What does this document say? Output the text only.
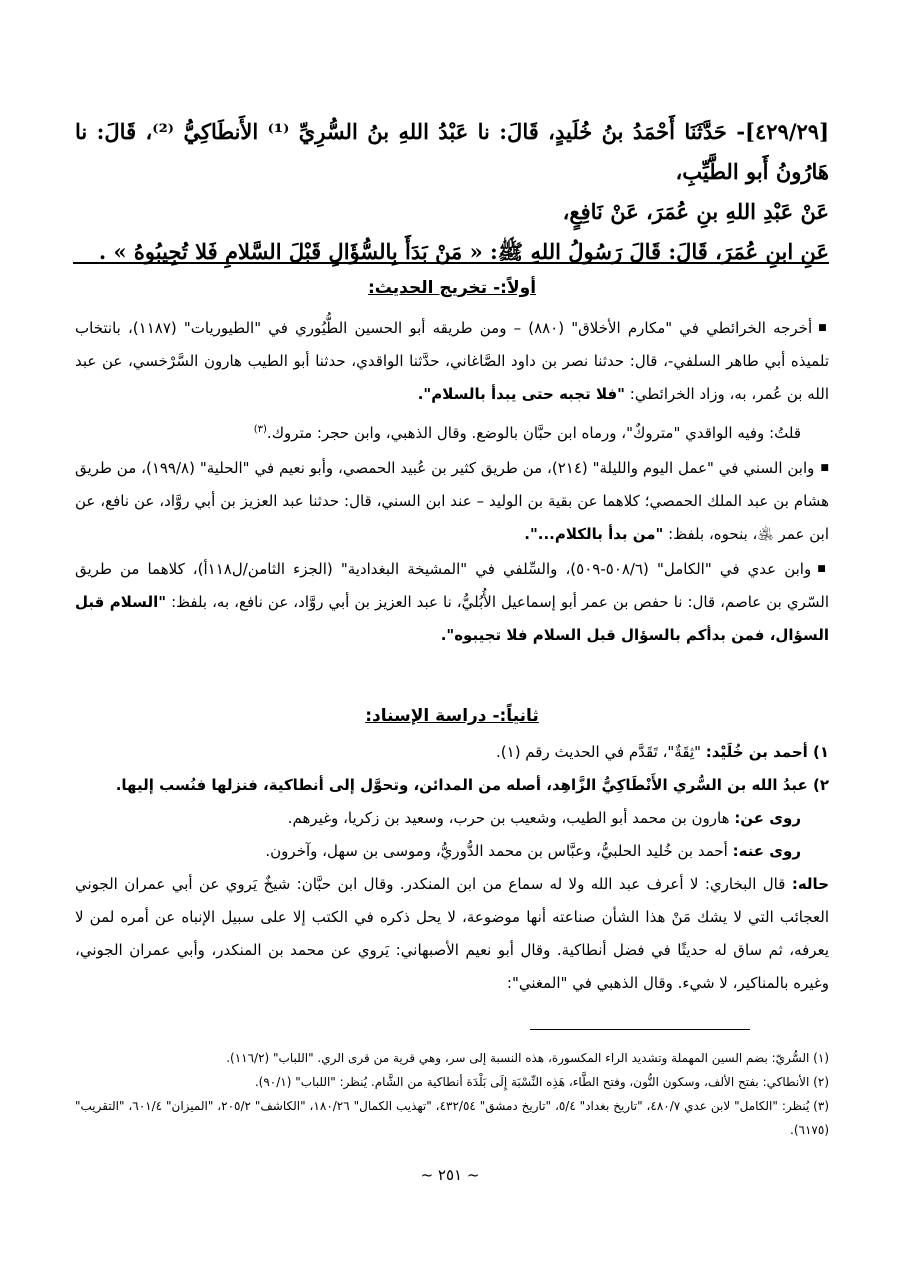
[٤٢٩/٢٩]- حَدَّثَنَا أَحْمَدُ بنُ خُلَيدٍ، قَالَ: نا عَبْدُ اللهِ بنُ السُّرِيِّ ⁽¹⁾ الأَنطَاكِيُّ ⁽²⁾، قَالَ: نا هَارُونُ أَبو الطَّيِّبِ،
عَنْ عَبْدِ اللهِ بنِ عُمَرَ، عَنْ نَافِعٍ،
عَنِ ابنِ عُمَرَ، قَالَ: قَالَ رَسُولُ اللهِ ﷺ: « مَنْ بَدَأَ بِالسُّؤَالِ قَبْلَ السَّلامِ فَلا تُجِيبُوهُ » .
أولاً:- تخريج الحديث:
■أخرجه الخرائطي في "مكارم الأخلاق" (٨٨٠) – ومن طريقه أبو الحسين الطُّيُوري في "الطيوريات" (١١٨٧)، بانتخاب تلميذه أبي طاهر السلفي-، قال: حدثنا نصر بن داود الصَّاغاني، حدَّثنا الواقدي، حدثنا أبو الطيب هارون السَّرْخسي، عن عبد الله بن عُمر، به، وزاد الخرائطي: "فلا تجبه حتى يبدأ بالسلام".
قلتُ: وفيه الواقدي "متروكٌ"، ورماه ابن حبَّان بالوضع. وقال الذهبي، وابن حجر: متروك.$^{(٣)}$
■وابن السني في "عمل اليوم والليلة" (٢١٤)، من طريق كثير بن عُبيد الحمصي، وأبو نعيم في "الحلية" (١٩٩/٨)، من طريق هشام بن عبد الملك الحمصي؛ كلاهما عن بقية بن الوليد – عند ابن السني، قال: حدثنا عبد العزيز بن أبي روَّاد، عن نافع، عن ابن عمر ﵁، بنحوه، بلفظ: "من بدأ بالكلام...".
■وابن عدي في "الكامل" (٥٠٨/٦-٥٠٩)، والسِّلفي في "المشيخة البغدادية" (الجزء الثامن/ل١١٨أ)، كلاهما من طريق السّري بن عاصم، قال: نا حفص بن عمر أبو إسماعيل الأُبُليُّ، نا عبد العزيز بن أبي روَّاد، عن نافع، به، بلفظ: "السلام قبل السؤال، فمن بدأكم بالسؤال قبل السلام فلا تجيبوه".
ثانياً:- دراسة الإسناد:
١) أحمد بن خُلَيْد: "ثِقَةٌ"، تَقَدَّم في الحديث رقم (١).
٢) عبدُ الله بن السُّري الأَنْطَاكِيُّ الزَّاهِد، أصله من المدائن، وتحوَّل إلى أنطاكية، فنزلها فنُسب إليها.
روى عن: هارون بن محمد أبو الطيب، وشعيب بن حرب، وسعيد بن زكريا، وغيرهم.
روى عنه: أحمد بن خُليد الحلبيُّ، وعبَّاس بن محمد الدُّوريُّ، وموسى بن سهل، وآخرون.
حاله: قال البخاري: لا أعرف عبد الله ولا له سماع من ابن المنكدر. وقال ابن حبَّان: شيخٌ يَروي عن أبي عمران الجوني العجائب التي لا يشك مَنْ هذا الشأن صناعته أنها موضوعة، لا يحل ذكره في الكتب إلا على سبيل الإنباه عن أمره لمن لا يعرفه، ثم ساق له حديثًا في فضل أنطاكية. وقال أبو نعيم الأصبهاني: يَروي عن محمد بن المنكدر، وأبي عمران الجوني، وغيره بالمناكير، لا شيء. وقال الذهبي في "المغني":
(١) السُّريّ: بضم السين المهملة وتشديد الراء المكسورة، هذه النسبة إلى سر، وهي قرية من قرى الري. "اللباب" (١١٦/٢).
(٢) الأنطاكي: بفتح الألف، وسكون النُّون، وفتح الطَّاء، هَذِه النِّسْبَة إِلَى بَلْدَة أنطاكية من الشَّام. يُنظر: "اللباب" (٩٠/١).
(٣) يُنظر: "الكامل" لابن عدي ٤٨٠/٧، "تاريخ بغداد" ٥/٤، "تاريخ دمشق" ٤٣٢/٥٤، "تهذيب الكمال" ١٨٠/٢٦، "الكاشف" ٢٠٥/٢، "الميزان" ٦٠١/٤، "التقريب" (٦١٧٥).
~ ٢٥١ ~
